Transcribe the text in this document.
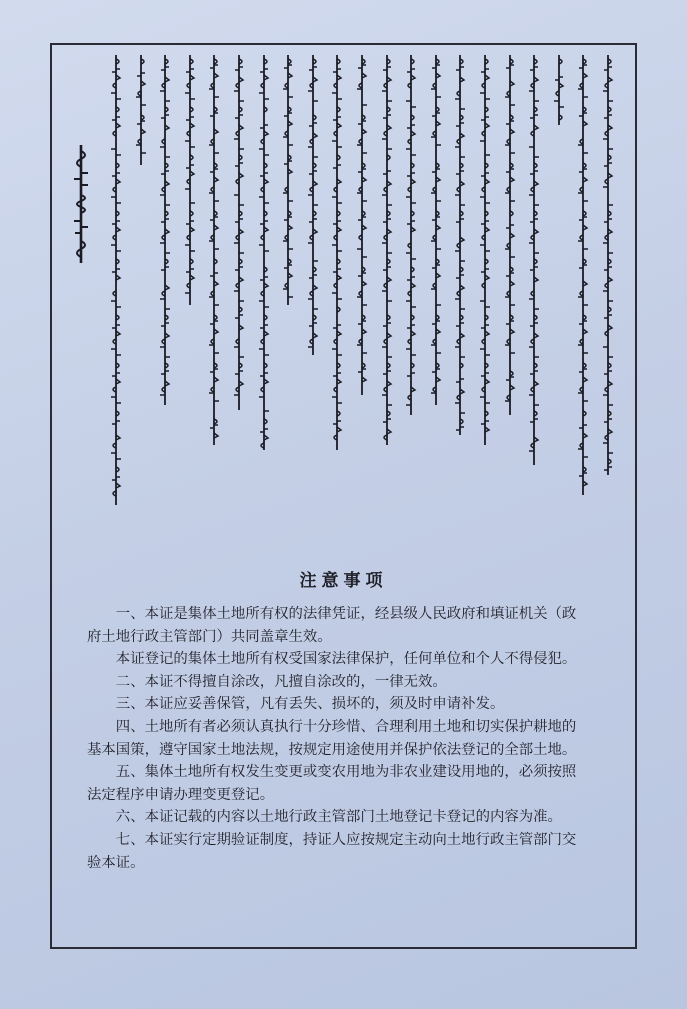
注意事项

一、本证是集体土地所有权的法律凭证，经县级人民政府和填证机关（政

府土地行政主管部门）共同盖章生效。

本证登记的集体土地所有权受国家法律保护，任何单位和个人不得侵犯。

二、本证不得擅自涂改，凡擅自涂改的，一律无效。

三、本证应妥善保管，凡有丢失、损坏的，须及时申请补发。

四、土地所有者必须认真执行十分珍惜、合理利用土地和切实保护耕地的

基本国策，遵守国家土地法规，按规定用途使用并保护依法登记的全部土地。

五、集体土地所有权发生变更或变农用地为非农业建设用地的，必须按照

法定程序申请办理变更登记。

六、本证记载的内容以土地行政主管部门土地登记卡登记的内容为准。

七、本证实行定期验证制度，持证人应按规定主动向土地行政主管部门交

验本证。
